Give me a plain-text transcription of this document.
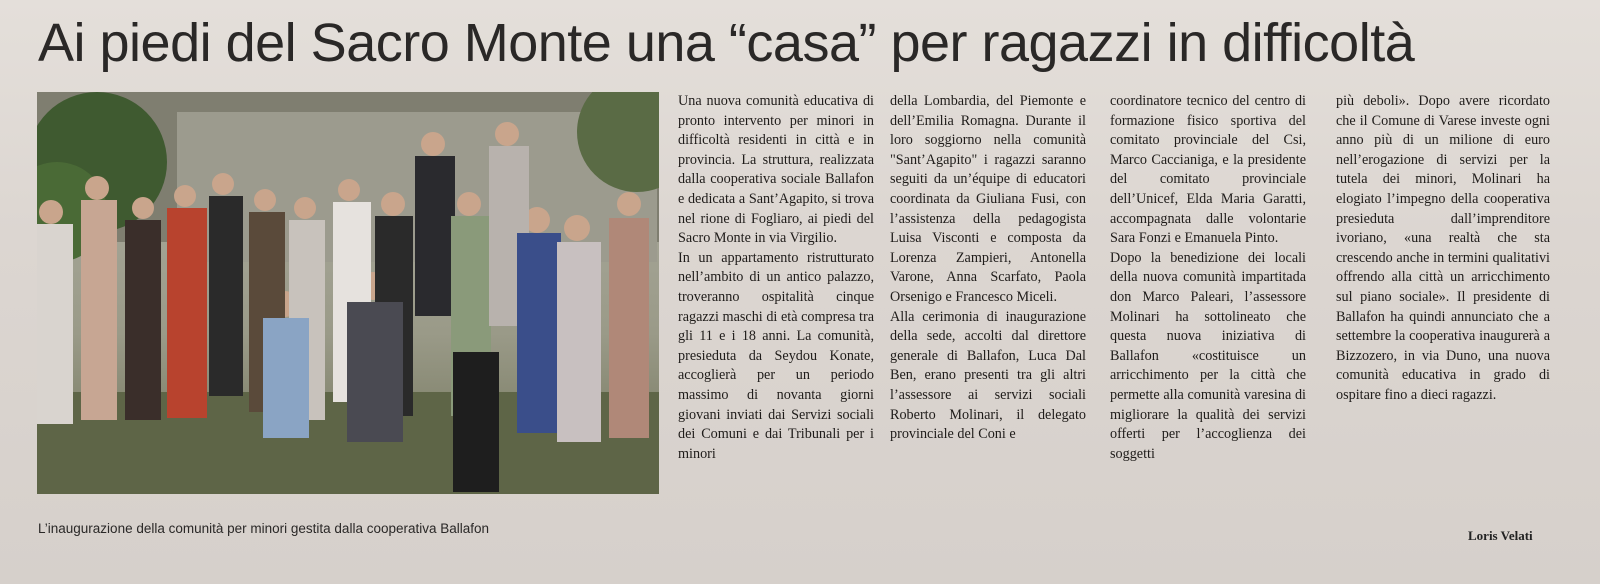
Ai piedi del Sacro Monte una “casa” per ragazzi in difficoltà
L’inaugurazione della comunità per minori gestita dalla cooperativa Ballafon

Una nuova comunità educativa di pronto intervento per minori in difficoltà residenti in città e in provincia. La struttura, realizzata dalla cooperativa sociale Ballafon e dedicata a Sant’Agapito, si trova nel rione di Fogliaro, ai piedi del Sacro Monte in via Virgilio.

In un appartamento ristrutturato nell’ambito di un antico palazzo, troveranno ospitalità cinque ragazzi maschi di età compresa tra gli 11 e i 18 anni. La comunità, presieduta da Seydou Konate, accoglierà per un periodo massimo di novanta giorni giovani inviati dai Servizi sociali dei Comuni e dai Tribunali per i minori

della Lombardia, del Piemonte e dell’Emilia Romagna. Durante il loro soggiorno nella comunità "Sant’Agapito" i ragazzi saranno seguiti da un’équipe di educatori coordinata da Giuliana Fusi, con l’assistenza della pedagogista Luisa Visconti e composta da Lorenza Zampieri, Antonella Varone, Anna Scarfato, Paola Orsenigo e Francesco Miceli.

Alla cerimonia di inaugurazione della sede, accolti dal direttore generale di Ballafon, Luca Dal Ben, erano presenti tra gli altri l’assessore ai servizi sociali Roberto Molinari, il delegato provinciale del Coni e

coordinatore tecnico del centro di formazione fisico sportiva del comitato provinciale del Csi, Marco Caccianiga, e la presidente del comitato provinciale dell’Unicef, Elda Maria Garatti, accompagnata dalle volontarie Sara Fonzi e Emanuela Pinto.

Dopo la benedizione dei locali della nuova comunità impartitada don Marco Paleari, l’assessore Molinari ha sottolineato che questa nuova iniziativa di Ballafon «costituisce un arricchimento per la città che permette alla comunità varesina di migliorare la qualità dei servizi offerti per l’accoglienza dei soggetti

più deboli». Dopo avere ricordato che il Comune di Varese investe ogni anno più di un milione di euro nell’erogazione di servizi per la tutela dei minori, Molinari ha elogiato l’impegno della cooperativa presieduta dall’imprenditore ivoriano, «una realtà che sta crescendo anche in termini qualitativi offrendo alla città un arricchimento sul piano sociale». Il presidente di Ballafon ha quindi annunciato che a settembre la cooperativa inaugurerà a Bizzozero, in via Duno, una nuova comunità educativa in grado di ospitare fino a dieci ragazzi.

Loris Velati
